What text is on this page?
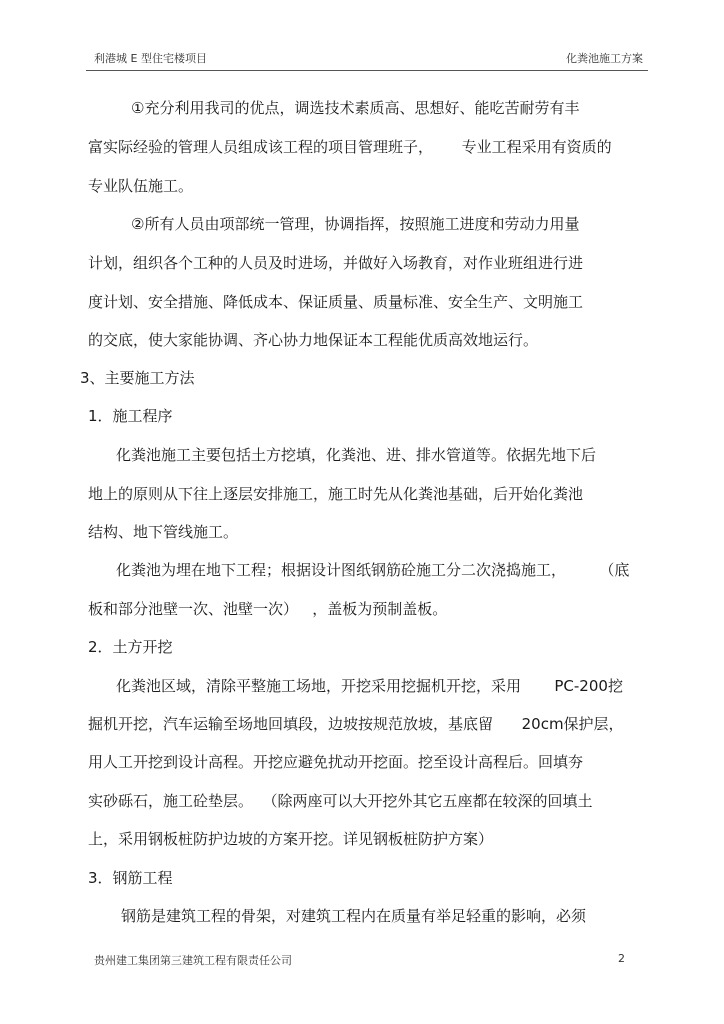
利港城 E 型住宅楼项目	化粪池施工方案
①充分利用我司的优点，调选技术素质高、思想好、能吃苦耐劳有丰
富实际经验的管理人员组成该工程的项目管理班子，      专业工程采用有资质的
专业队伍施工。
②所有人员由项部统一管理，协调指挥，按照施工进度和劳动力用量
计划，组织各个工种的人员及时进场，并做好入场教育，对作业班组进行进
度计划、安全措施、降低成本、保证质量、质量标准、安全生产、文明施工
的交底，使大家能协调、齐心协力地保证本工程能优质高效地运行。
3、主要施工方法
1．施工程序
化粪池施工主要包括土方挖填，化粪池、进、排水管道等。依据先地下后
地上的原则从下往上逐层安排施工，施工时先从化粪池基础，后开始化粪池
结构、地下管线施工。
化粪池为埋在地下工程；根据设计图纸钢筋砼施工分二次浇捣施工，       （底
板和部分池壁一次、池壁一次）   ，盖板为预制盖板。
2．土方开挖
化粪池区域，清除平整施工场地，开挖采用挖掘机开挖，采用       PC-200挖
掘机开挖，汽车运输至场地回填段，边坡按规范放坡，基底留      20cm保护层，
用人工开挖到设计高程。开挖应避免扰动开挖面。挖至设计高程后。回填夯
实砂砾石，施工砼垫层。  （除两座可以大开挖外其它五座都在较深的回填土
上，采用钢板桩防护边坡的方案开挖。详见钢板桩防护方案）
3．钢筋工程
钢筋是建筑工程的骨架，对建筑工程内在质量有举足轻重的影响，必须
贵州建工集团第三建筑工程有限责任公司	2
